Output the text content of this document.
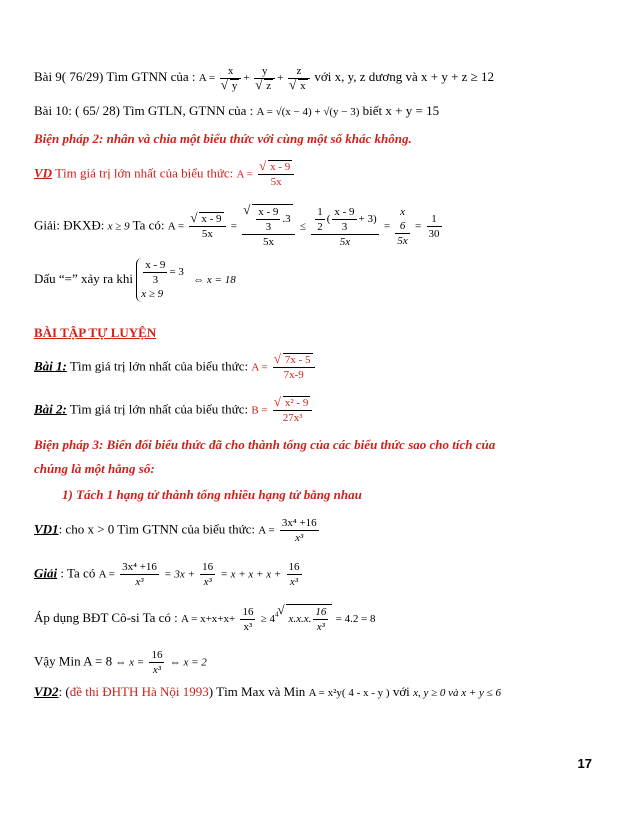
Bài 9( 76/29) Tìm GTNN của : A = x
√ y + y
√ z + z
√ x với x, y, z dương và x + y + z ≥ 12
Bài 10: ( 65/ 28) Tìm GTLN, GTNN của : A = √(x − 4) + √(y − 3) biết x + y = 15
Biện pháp 2: nhân và chia một biểu thức với cùng một số khác không.
VD Tìm giá trị lớn nhất của biểu thức: A =
√ $\frac{x - 9}{5x}$
Giải: ĐKXĐ: x ≥ 9 Ta có: A =
√ $\frac{x - 9}{5x}$ =
√ $\frac{\frac{x - 9}{3} .3}{5x} \le \frac{\frac{1}{2} ( \frac{x - 9}{3} + 3)}{5x}$ =
x
6
5x
= $\frac{1}{30}$
Dấu “=” xảy ra khi $\frac{x - 9}{3} = 3$
x ≥ 9
⇔ x = 18
BÀI TẬP TỰ LUYỆN
Bài 1: Tìm giá trị lớn nhất của biểu thức: A =
√ $\frac{7x - 5}{7x-9}$
Bài 2: Tìm giá trị lớn nhất của biểu thức: B =
√ $\frac{\text{x² - 9}}{\text{27x³}}$
Biện pháp 3: Biến đổi biểu thức đã cho thành tổng của các biểu thức sao cho tích của
chúng là một hằng số:
1) Tách 1 hạng tử thành tổng nhiều hạng tử bằng nhau
VD1: cho x > 0 Tìm GTNN của biểu thức: $A = \frac{\text{3x⁴ +16}}{\text{x³}}$
Giải : Ta có $A = \frac{\text{3x⁴ +16}}{\text{x³}} = 3x + \frac{16}{\text{x³}} = x + x + x + \frac{16}{\text{x³}}$
Áp dụng BĐT Cô-si Ta có : $A = x+x+x+ \frac{16}{\text{x³}} \ge 4^4√$ x.x.x. $\frac{16}{\text{x³}} = 4.2 = 8$
Vậy Min A = 8 ⇔ $x = \frac{16}{\text{x³}}$ ⇔ x = 2
VD2: (đề thi ĐHTH Hà Nội 1993) Tìm Max và Min A = x²y( 4 - x - y ) với x, y ≥ 0 và x + y ≤ 6
17
